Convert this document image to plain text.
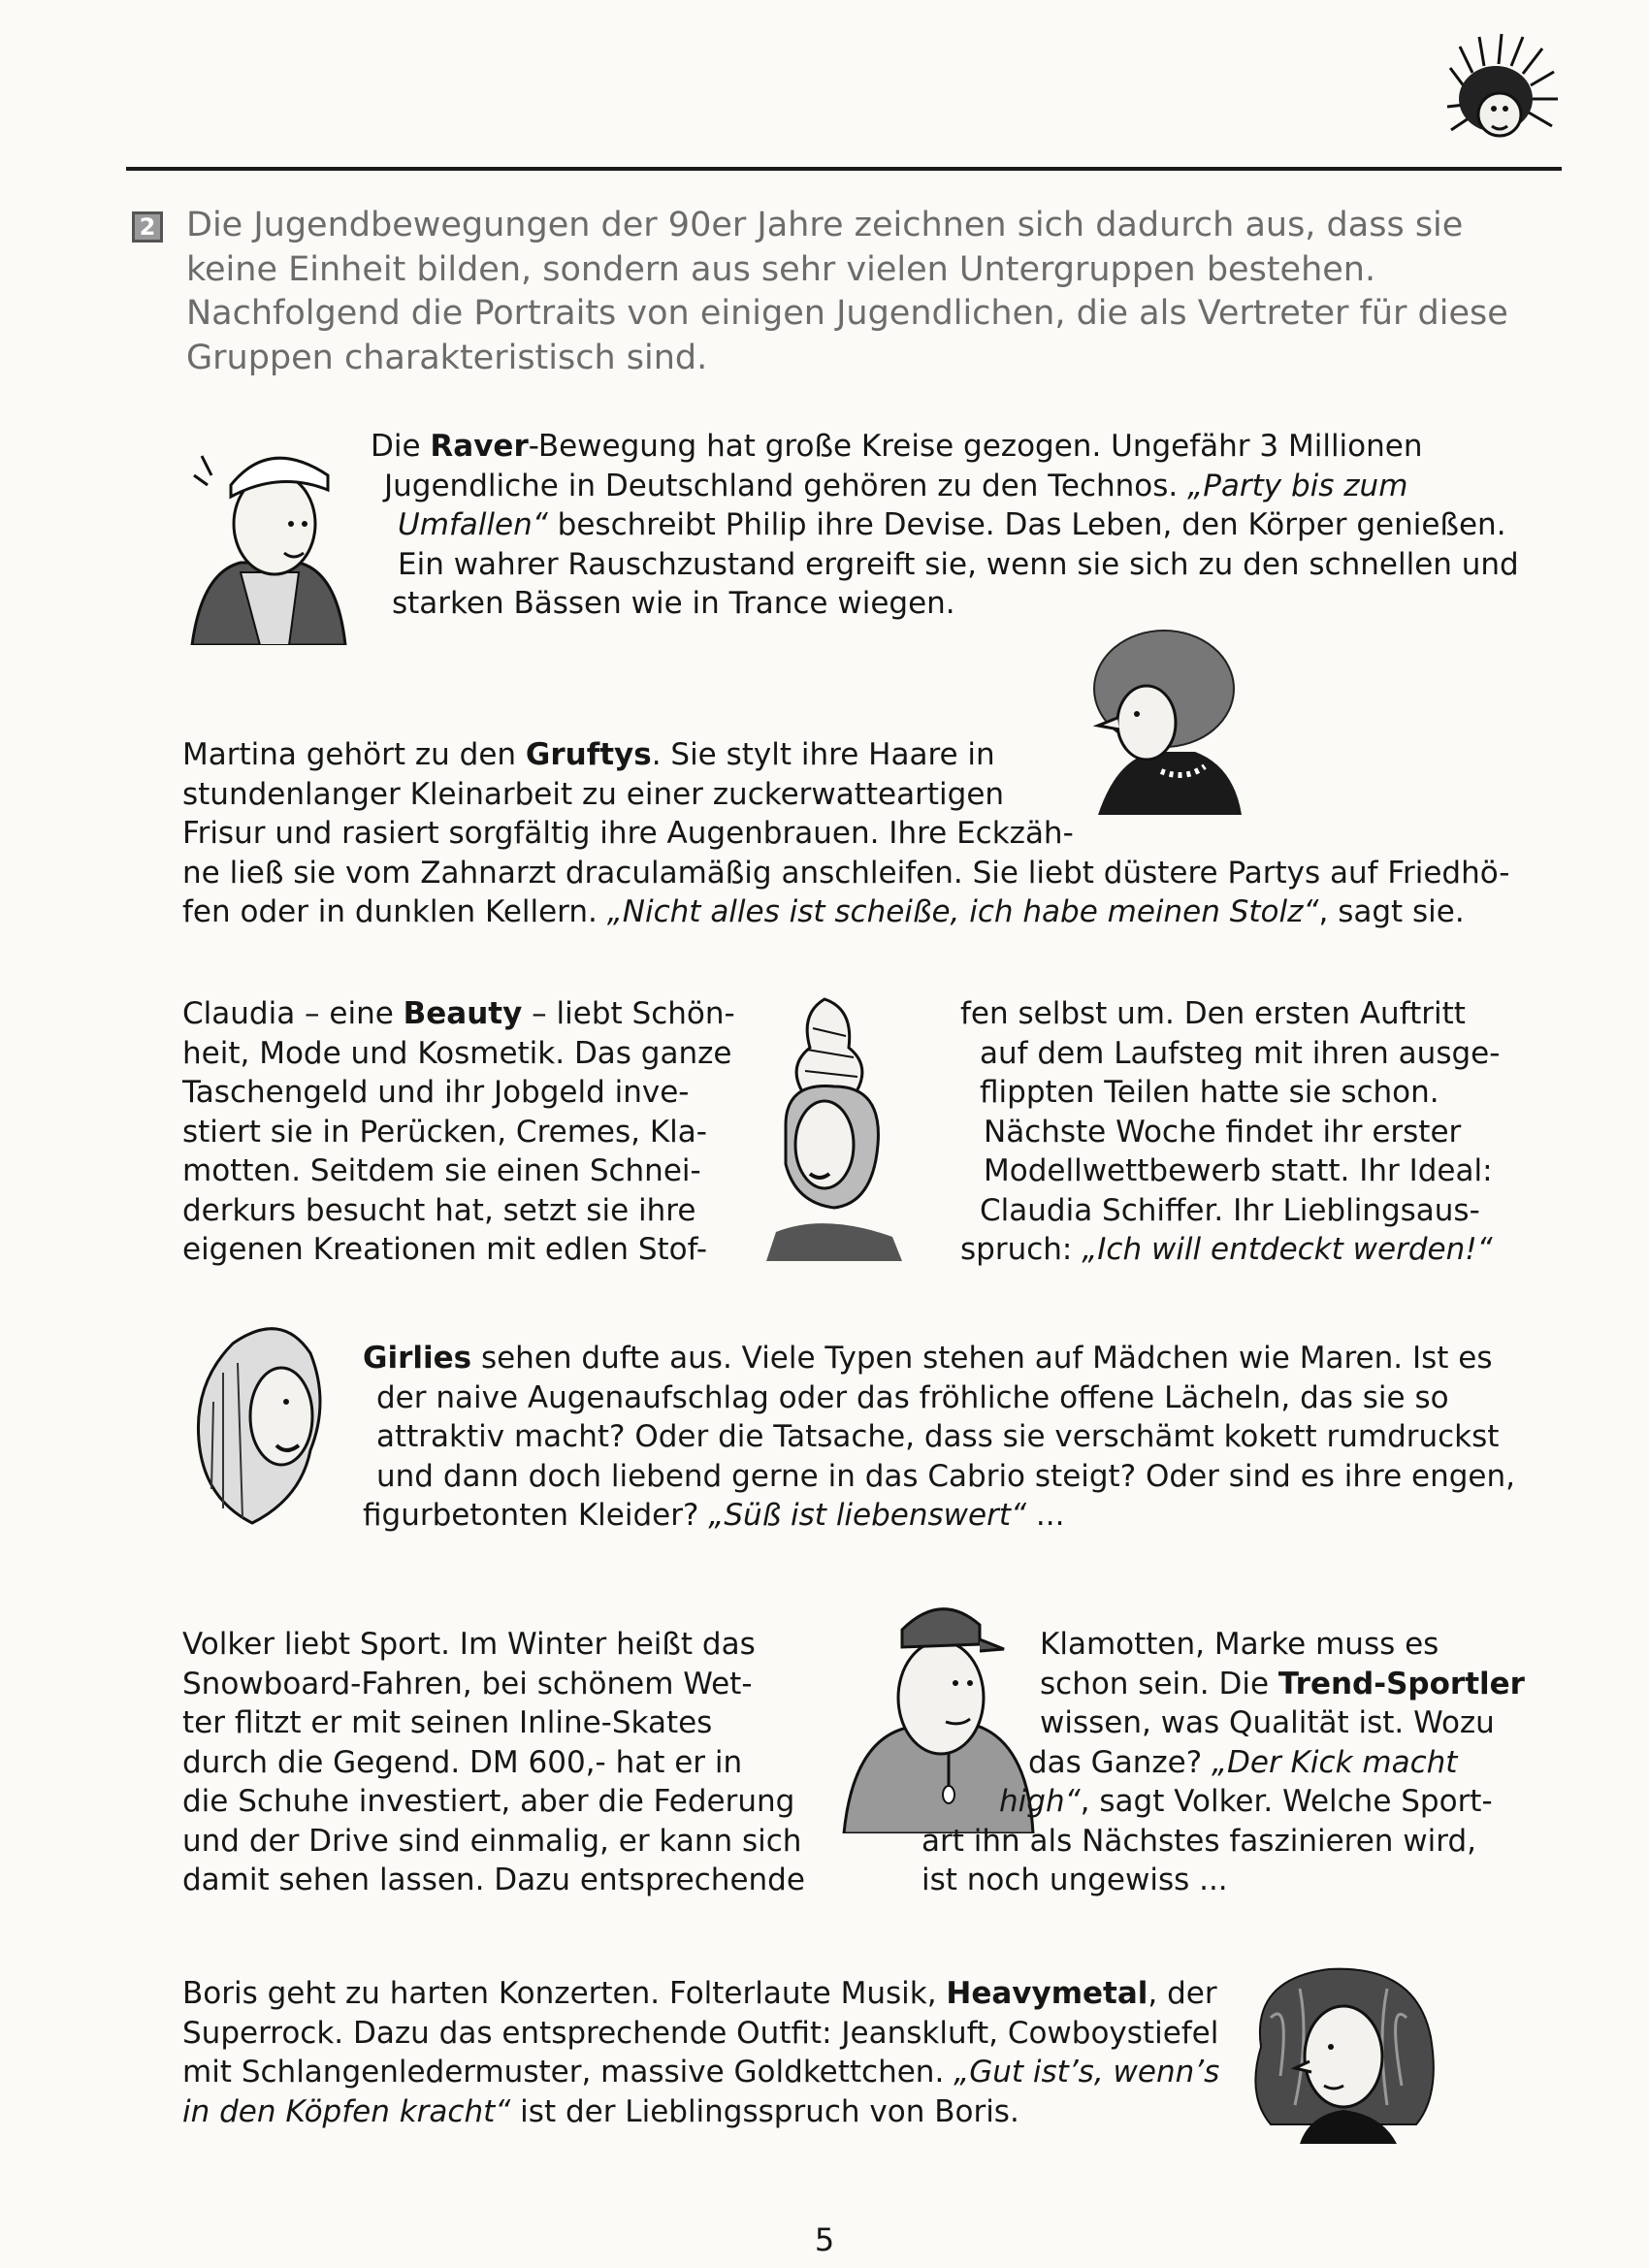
2 Die Jugendbewegungen der 90er Jahre zeichnen sich dadurch aus, dass sie
keine Einheit bilden, sondern aus sehr vielen Untergruppen bestehen.
Nachfolgend die Portraits von einigen Jugendlichen, die als Vertreter für diese
Gruppen charakteristisch sind.
Die Raver-Bewegung hat große Kreise gezogen. Ungefähr 3 Millionen
Jugendliche in Deutschland gehören zu den Technos. „Party bis zum
Umfallen“ beschreibt Philip ihre Devise. Das Leben, den Körper genießen.
Ein wahrer Rauschzustand ergreift sie, wenn sie sich zu den schnellen und
starken Bässen wie in Trance wiegen.
Martina gehört zu den Gruftys. Sie stylt ihre Haare in
stundenlanger Kleinarbeit zu einer zuckerwatteartigen
Frisur und rasiert sorgfältig ihre Augenbrauen. Ihre Eckzäh-
ne ließ sie vom Zahnarzt draculamäßig anschleifen. Sie liebt düstere Partys auf Friedhö-
fen oder in dunklen Kellern. „Nicht alles ist scheiße, ich habe meinen Stolz“, sagt sie.
Claudia – eine Beauty – liebt Schön-
heit, Mode und Kosmetik. Das ganze
Taschengeld und ihr Jobgeld inve-
stiert sie in Perücken, Cremes, Kla-
motten. Seitdem sie einen Schnei-
derkurs besucht hat, setzt sie ihre
eigenen Kreationen mit edlen Stof-
fen selbst um. Den ersten Auftritt
auf dem Laufsteg mit ihren ausge-
flippten Teilen hatte sie schon.
Nächste Woche findet ihr erster
Modellwettbewerb statt. Ihr Ideal:
Claudia Schiffer. Ihr Lieblingsaus-
spruch: „Ich will entdeckt werden!“
Girlies sehen dufte aus. Viele Typen stehen auf Mädchen wie Maren. Ist es
der naive Augenaufschlag oder das fröhliche offene Lächeln, das sie so
attraktiv macht? Oder die Tatsache, dass sie verschämt kokett rumdruckst
und dann doch liebend gerne in das Cabrio steigt? Oder sind es ihre engen,
figurbetonten Kleider? „Süß ist liebenswert“ ...
Volker liebt Sport. Im Winter heißt das
Snowboard-Fahren, bei schönem Wet-
ter flitzt er mit seinen Inline-Skates
durch die Gegend. DM 600,- hat er in
die Schuhe investiert, aber die Federung
und der Drive sind einmalig, er kann sich
damit sehen lassen. Dazu entsprechende
Klamotten, Marke muss es
schon sein. Die Trend-Sportler
wissen, was Qualität ist. Wozu
das Ganze? „Der Kick macht
high“, sagt Volker. Welche Sport-
art ihn als Nächstes faszinieren wird,
ist noch ungewiss ...
Boris geht zu harten Konzerten. Folterlaute Musik, Heavymetal, der
Superrock. Dazu das entsprechende Outfit: Jeanskluft, Cowboystiefel
mit Schlangenledermuster, massive Goldkettchen. „Gut ist’s, wenn’s
in den Köpfen kracht“ ist der Lieblingsspruch von Boris.
5
